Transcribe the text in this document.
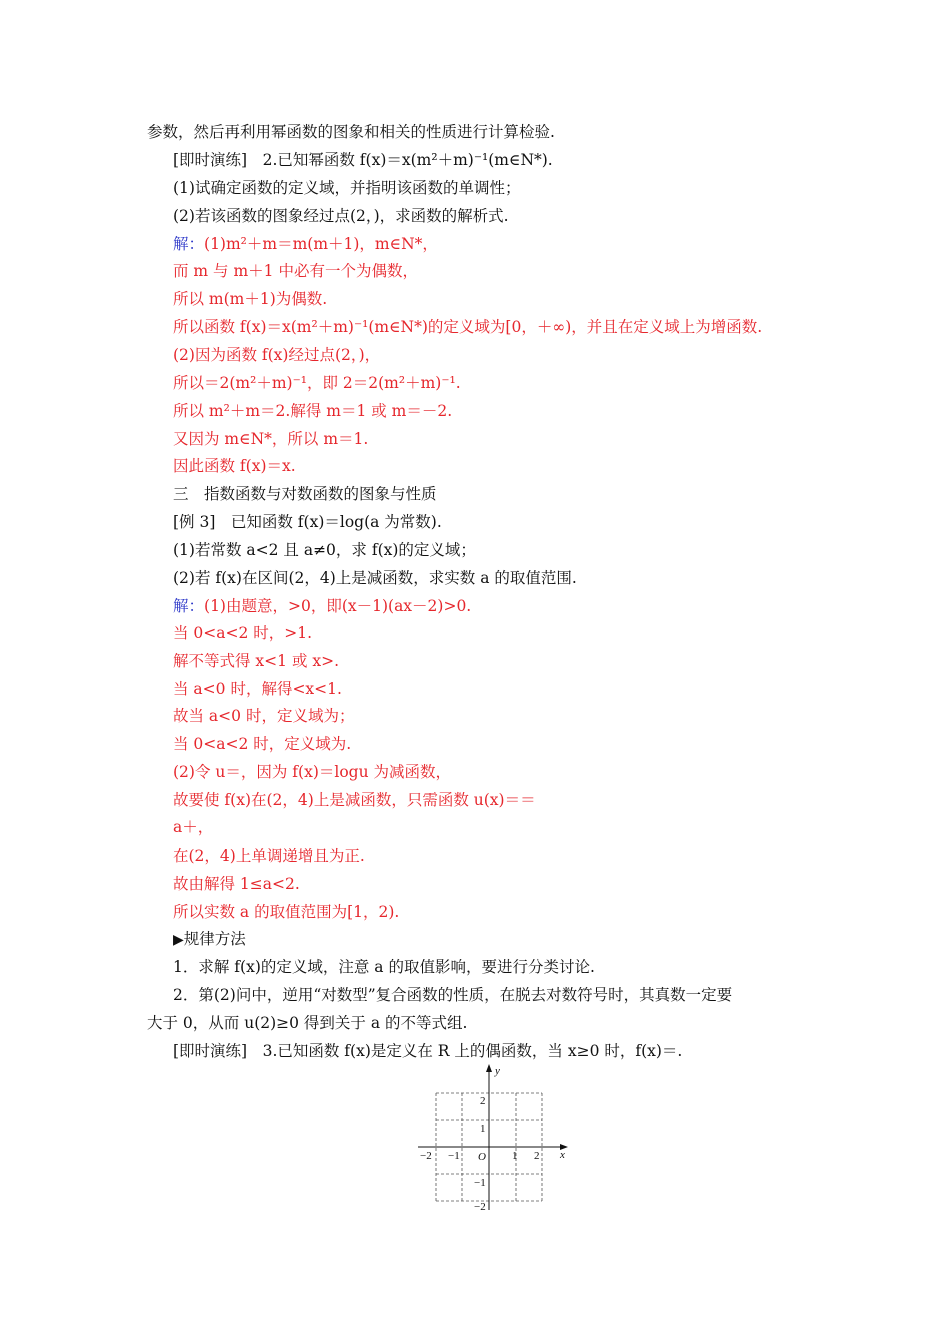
参数，然后再利用幂函数的图象和相关的性质进行计算检验.
[即时演练]　2.已知幂函数 f(x)＝x(m²＋m)⁻¹(m∈N*).
(1)试确定函数的定义域，并指明该函数的单调性；
(2)若该函数的图象经过点(2，)，求函数的解析式.
解：(1)m²＋m＝m(m＋1)，m∈N*，
而 m 与 m＋1 中必有一个为偶数，
所以 m(m＋1)为偶数.
所以函数 f(x)＝x(m²＋m)⁻¹(m∈N*)的定义域为[0，＋∞)，并且在定义域上为增函数.
(2)因为函数 f(x)经过点(2，)，
所以＝2(m²＋m)⁻¹，即 2＝2(m²＋m)⁻¹.
所以 m²＋m＝2.解得 m＝1 或 m＝－2.
又因为 m∈N*，所以 m＝1.
因此函数 f(x)＝x.
三　指数函数与对数函数的图象与性质
[例 3]　已知函数 f(x)＝log(a 为常数).
(1)若常数 a<2 且 a≠0，求 f(x)的定义域；
(2)若 f(x)在区间(2，4)上是减函数，求实数 a 的取值范围.
解：(1)由题意，>0，即(x－1)(ax－2)>0.
当 0<a<2 时，>1.
解不等式得 x<1 或 x>.
当 a<0 时，解得<x<1.
故当 a<0 时，定义域为；
当 0<a<2 时，定义域为.
(2)令 u＝，因为 f(x)＝logu 为减函数，
故要使 f(x)在(2，4)上是减函数，只需函数 u(x)＝＝
a＋，
在(2，4)上单调递增且为正.
故由解得 1≤a<2.
所以实数 a 的取值范围为[1，2).
▶规律方法
1．求解 f(x)的定义域，注意 a 的取值影响，要进行分类讨论.
2．第(2)问中，逆用“对数型”复合函数的性质，在脱去对数符号时，其真数一定要
大于 0，从而 u(2)≥0 得到关于 a 的不等式组.
[即时演练]　3.已知函数 f(x)是定义在 R 上的偶函数，当 x≥0 时，f(x)＝.
y
x
O
−2 −1	1 2
2
1
−1
−2
